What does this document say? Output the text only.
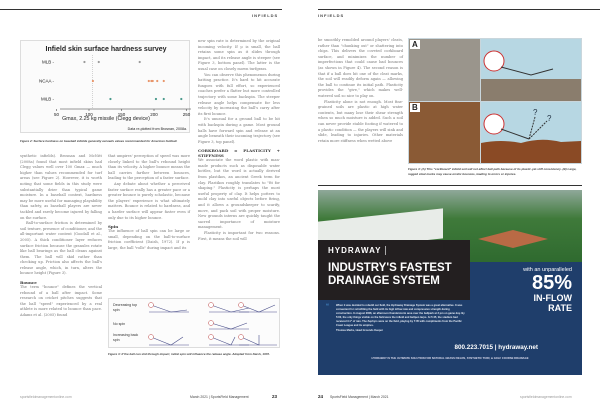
INFIELDS
Infield skin surface hardness survey
Gmax, 2.25 kg missile (Clegg device)
Data re-plotted from Brosnan, 2008a.
50	100	150	200	250
MLB -
NCAA -
MiLB -
Figure 2: Surface hardness on baseball infields generally exceeds values recommended for American football.

synthetic infields). Brosnan and McNitt (2008a) found that most infield skins had Clegg values well over 100 Gmax — much higher than values recommended for turf areas (see Figure 2). However, it is worth noting that some fields in this study were substantially drier than typical game moisture. In a baseball context, hardness may be more useful for managing playability than safety, as baseball players are never tackled and rarely become injured by falling on the surface.

Ball-to-surface friction is determined by soil texture, presence of conditioner, and the all-important water content (Goodall et al., 2005). A thick conditioner layer reduces surface friction because the granules rotate like ball bearings as the ball cleans against them. The ball will skid rather than checking up. Friction also affects the ball's release angle, which, in turn, alters the bounce height (Figure 3).

Bounce

The term "bounce" defines the vertical rebound of a ball after impact. Some research on cricket pitches suggests that the ball "speed" experienced by a real athlete is more related to bounce than pace. Adams et al. (2005) found

that umpires' perception of speed was more closely linked to the ball's rebound height than its velocity. A higher bounce means the ball carries farther between bounces, leading to the perception of a faster surface.

Any debate about whether a perceived faster surface really has a greater pace or a greater bounce is purely scholastic, because the players' experience is what ultimately matters. Bounce is related to hardness, and a harder surface will appear faster even if only due to its higher bounce.

Spin

The influence of ball spin can be large or small, depending on the ball-to-surface friction coefficient (Daish, 1972). If μ is large, the ball "rolls" during impact and its

new spin rate is determined by the original incoming velocity. If μ is small, the ball retains some spin as it slides through impact, and its release angle is steeper (see Figure 3, bottom panel). The latter is the usual case on closely mown turfgrass.

You can observe this phenomenon during batting practice. It's hard to hit accurate fungoes with full effort, so experienced coaches prefer a flatter but more controlled trajectory with some backspin. The steeper release angle helps compensate for less velocity by increasing the ball's carry after its first bounce.

It's unusual for a ground ball to be hit with backspin during a game. Most ground balls have forward spin and release at an angle beneath their incoming trajectory (see Figure 3, top panel).

CORKBOARD = PLASTICITY + STIFFNESS

We associate the word plastic with man-made products such as disposable water bottles, but the word is actually derived from plastikos, an ancient Greek term for clay. Plastikos roughly translates to "fit for shaping." Plasticity is perhaps the most useful property of clay. It helps potters to mold clay into useful objects before firing, and it allows a groundskeeper to scarify, move, and pack soil with proper moisture. New grounds interns are quickly taught the sacred importance of moisture management.

Plasticity is important for two reasons. First, it means the soil will

Decreasing top spin
No spin
Increasing back spin
Figure 3: If the ball can slid through impact, initial spin will influence the release angle. Adapted from Daish, 1972.
sportsfieldmanagementonline.com	March 2021 | SportsField Management	23
INFIELDS

be smoothly remolded around players' cleats, rather than "chunking out" or shattering into chips. This delivers the coveted corkboard surface, and minimizes the number of imperfections that could cause bad bounces (as shown in Figure 4). The second reason is that if a ball does hit one of the cleat marks, the soil will readily deform again — allowing the ball to continue its initial path. Plasticity provides the "give," which makes well-watered soil so nice to play on.

Plasticity alone is not enough. Most fine-grained soils are plastic at high water contents, but many lose their shear strength when so much moisture is added. Such a soil can never provide stable footing if watered to a plastic condition — the players will sink and slide, leading to injuries. Other materials retain more stiffness when wetted above

A
B
?
?
Figure 4: (A) This "corkboard" infield soil will not affect ball path because of its plastic-yet-stiff consistency. (B) Large, ragged cleat marks may cause erratic bounces, leading to errors or injuries.
HYDRAWAY
INDUSTRY'S FASTEST
DRAINAGE SYSTEM
with an unparalleled
85%
IN-FLOW
RATE
“	When it was decided to rebuild our field, the Hydraway Drainage System was a great alternative. It was convenient for retrofitting the field with its high inflow rate and compressive strength during construction. In August 2008, an afternoon thunderstorm area over the ballpark at 3 pm on game day. By 5:00, the only things visible on the field were the infield and bullpen tarps. At 5:45, the stadium had received 3.1" of rain. The Zephyrs were on the field, playing by 7:05 with compliments from the Pacific Coast League and its umpires.
Thomas Marks, Head Grounds Keeper
800.223.7015 | hydraway.net
HYDRAWAY IS THE ULTIMATE SOLUTION FOR NATURAL GRASS FIELDS, SYNTHETIC TURF, & GOLF COURSE DRAINAGE
24 SportsField Management | March 2021	sportsfieldmanagementonline.com
